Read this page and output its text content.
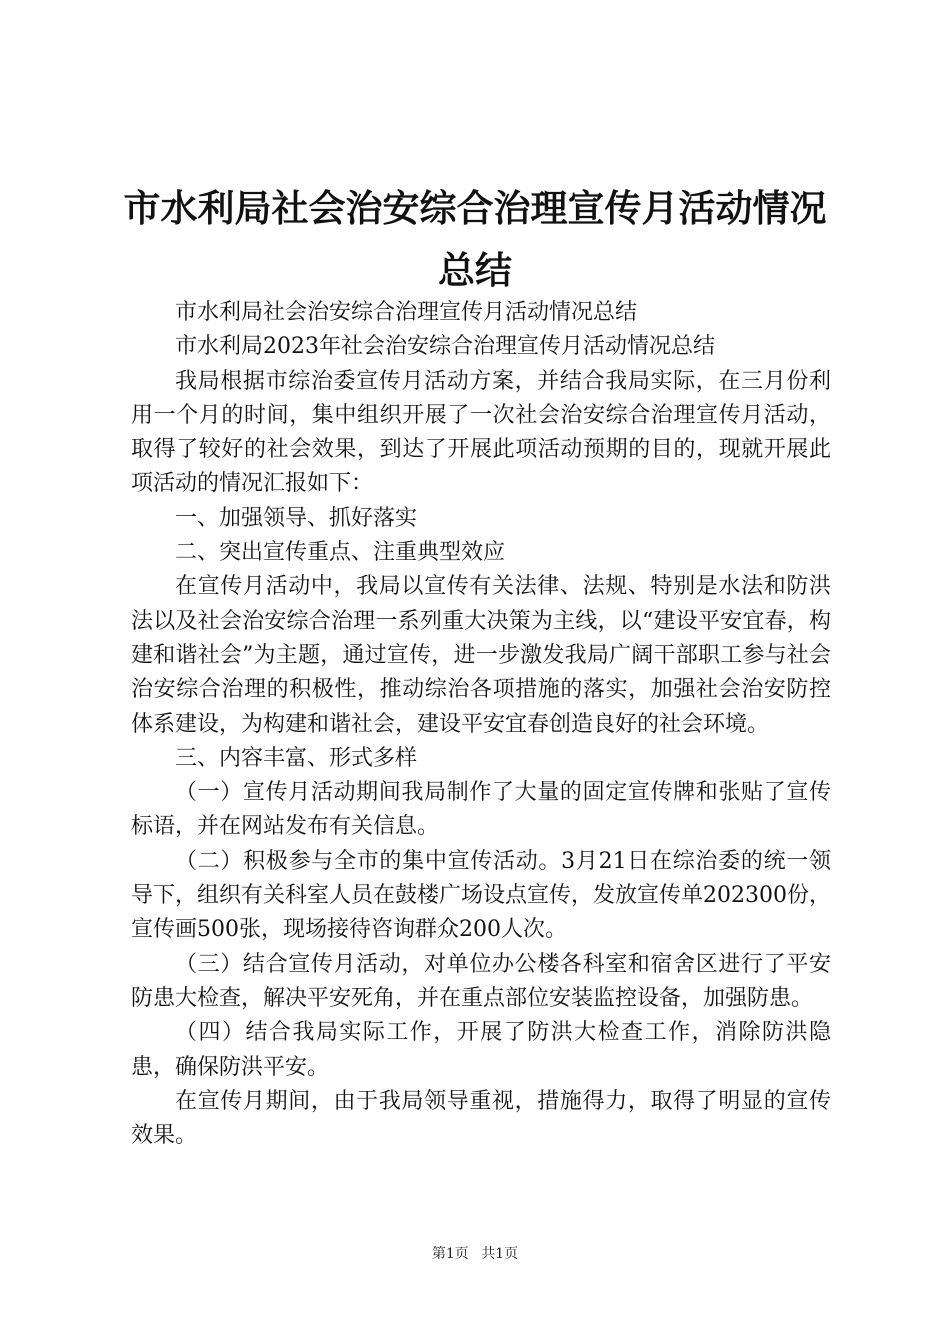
市水利局社会治安综合治理宣传月活动情况总结

市水利局社会治安综合治理宣传月活动情况总结

市水利局2023年社会治安综合治理宣传月活动情况总结

我局根据市综治委宣传月活动方案，并结合我局实际，在三月份利用一个月的时间，集中组织开展了一次社会治安综合治理宣传月活动，取得了较好的社会效果，到达了开展此项活动预期的目的，现就开展此项活动的情况汇报如下：

一、加强领导、抓好落实

二、突出宣传重点、注重典型效应

在宣传月活动中，我局以宣传有关法律、法规、特别是水法和防洪法以及社会治安综合治理一系列重大决策为主线，以“建设平安宜春，构建和谐社会”为主题，通过宣传，进一步激发我局广阔干部职工参与社会治安综合治理的积极性，推动综治各项措施的落实，加强社会治安防控体系建设，为构建和谐社会，建设平安宜春创造良好的社会环境。

三、内容丰富、形式多样

（一）宣传月活动期间我局制作了大量的固定宣传牌和张贴了宣传标语，并在网站发布有关信息。

（二）积极参与全市的集中宣传活动。3月21日在综治委的统一领导下，组织有关科室人员在鼓楼广场设点宣传，发放宣传单202300份，宣传画500张，现场接待咨询群众200人次。

（三）结合宣传月活动，对单位办公楼各科室和宿舍区进行了平安防患大检查，解决平安死角，并在重点部位安装监控设备，加强防患。

（四）结合我局实际工作，开展了防洪大检查工作，消除防洪隐患，确保防洪平安。

在宣传月期间，由于我局领导重视，措施得力，取得了明显的宣传效果。

第1页 共1页
